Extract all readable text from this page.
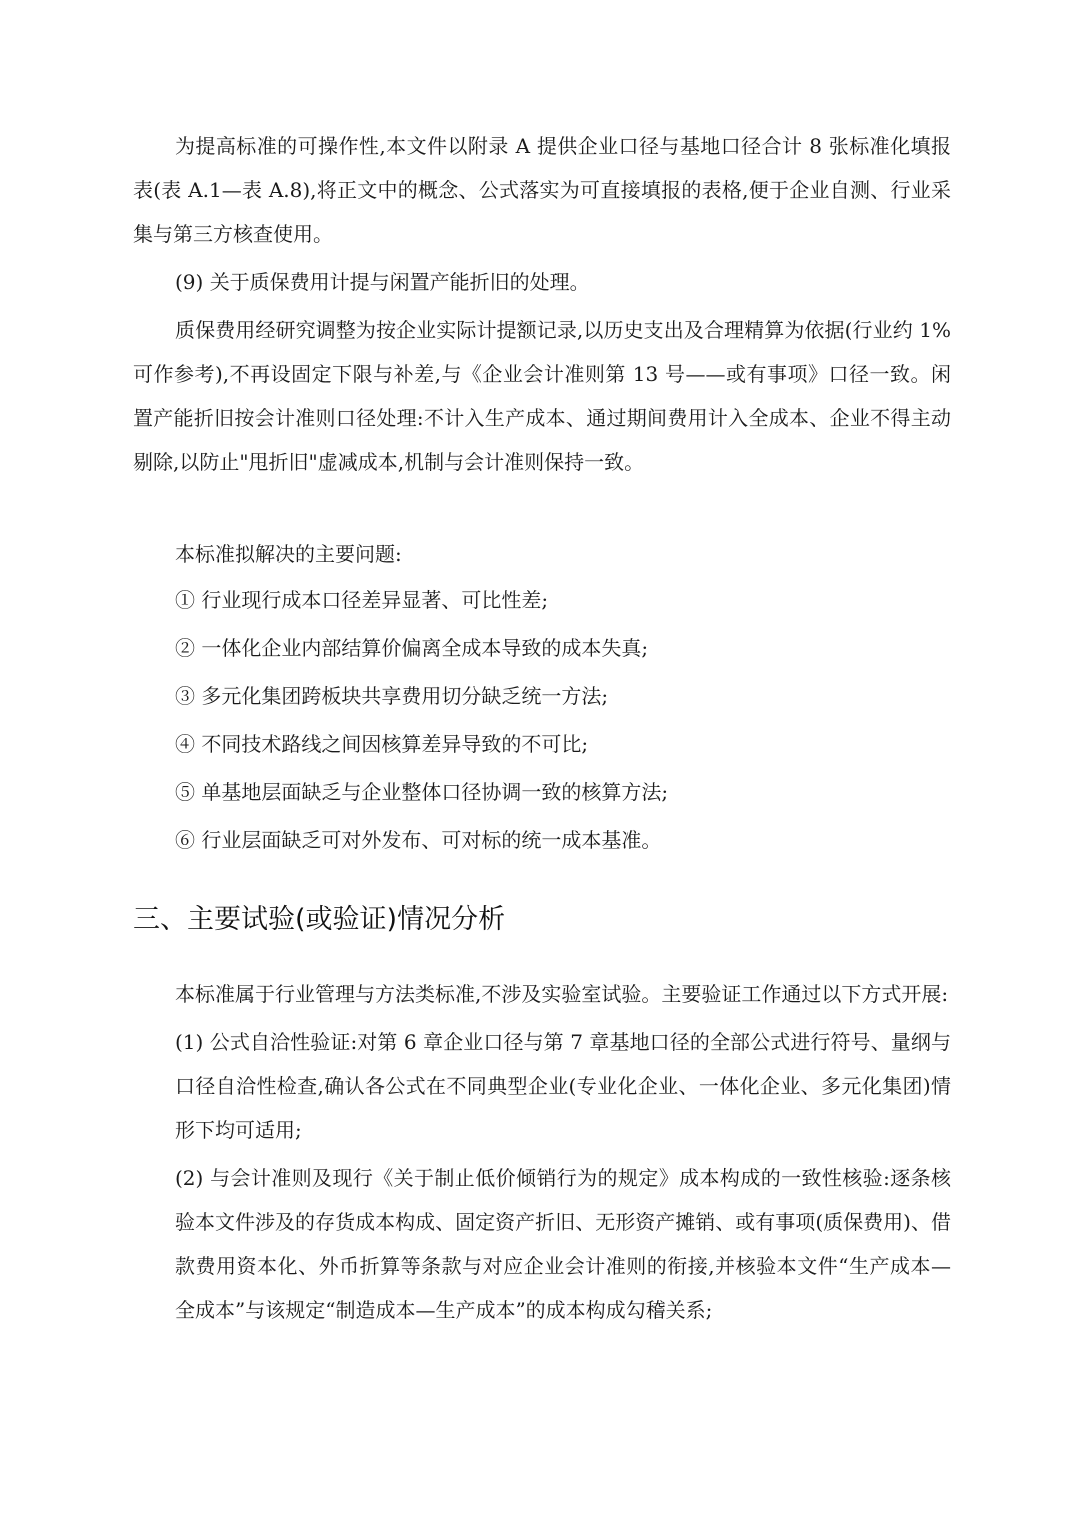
为提高标准的可操作性,本文件以附录 A 提供企业口径与基地口径合计 8 张标准化填报表(表 A.1—表 A.8),将正文中的概念、公式落实为可直接填报的表格,便于企业自测、行业采集与第三方核查使用。

(9) 关于质保费用计提与闲置产能折旧的处理。

质保费用经研究调整为按企业实际计提额记录,以历史支出及合理精算为依据(行业约 1% 可作参考),不再设固定下限与补差,与《企业会计准则第 13 号——或有事项》口径一致。闲置产能折旧按会计准则口径处理:不计入生产成本、通过期间费用计入全成本、企业不得主动剔除,以防止"甩折旧"虚减成本,机制与会计准则保持一致。

本标准拟解决的主要问题:

① 行业现行成本口径差异显著、可比性差;

② 一体化企业内部结算价偏离全成本导致的成本失真;

③ 多元化集团跨板块共享费用切分缺乏统一方法;

④ 不同技术路线之间因核算差异导致的不可比;

⑤ 单基地层面缺乏与企业整体口径协调一致的核算方法;

⑥ 行业层面缺乏可对外发布、可对标的统一成本基准。

三、主要试验(或验证)情况分析

本标准属于行业管理与方法类标准,不涉及实验室试验。主要验证工作通过以下方式开展:

(1) 公式自洽性验证:对第 6 章企业口径与第 7 章基地口径的全部公式进行符号、量纲与口径自洽性检查,确认各公式在不同典型企业(专业化企业、一体化企业、多元化集团)情形下均可适用;

(2) 与会计准则及现行《关于制止低价倾销行为的规定》成本构成的一致性核验:逐条核验本文件涉及的存货成本构成、固定资产折旧、无形资产摊销、或有事项(质保费用)、借款费用资本化、外币折算等条款与对应企业会计准则的衔接,并核验本文件“生产成本—全成本”与该规定“制造成本—生产成本”的成本构成勾稽关系;
